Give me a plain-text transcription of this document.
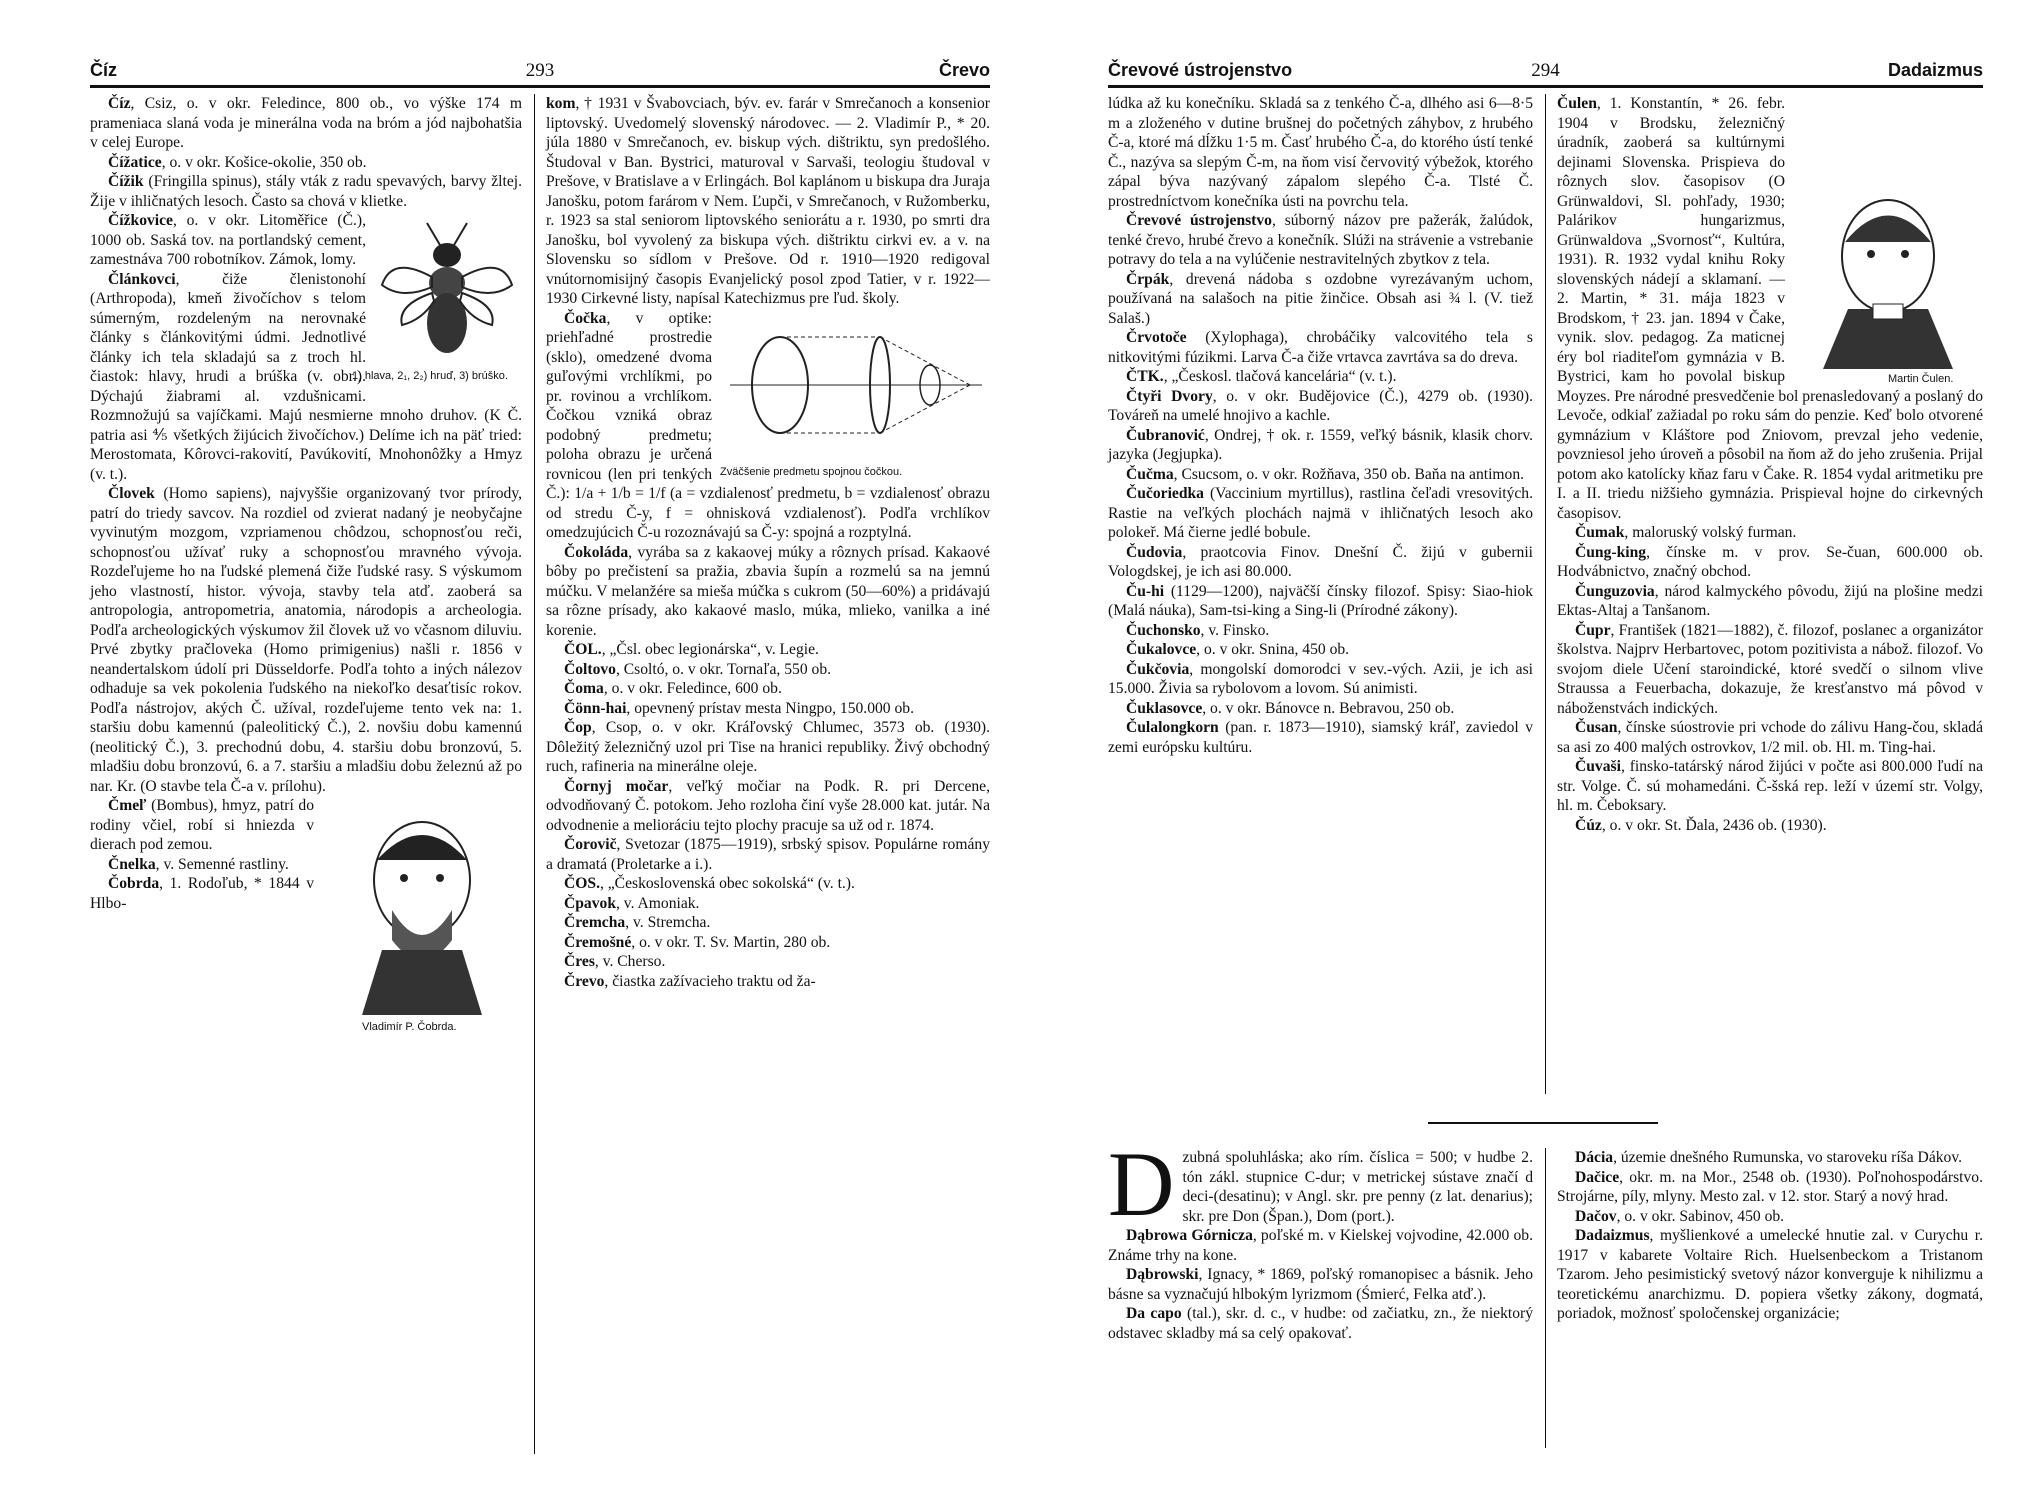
Číz	293	Črevo

Číz, Csiz, o. v okr. Feledince, 800 ob., vo výške 174 m prameniaca slaná voda je minerálna voda na bróm a jód najbohatšia v celej Europe.

Čížatice, o. v okr. Košice-okolie, 350 ob.

Čížik (Fringilla spinus), stály vták z radu spevavých, barvy žltej. Žije v ihličnatých lesoch. Často sa chová v klietke.

1) hlava, 2₁, 2₂) hruď, 3) brúško.

Čížkovice, o. v okr. Litoměřice (Č.), 1000 ob. Saská tov. na portlandský cement, zamestnáva 700 robotníkov. Zámok, lomy.

Článkovci, čiže členistonohí (Arthropoda), kmeň živočíchov s telom súmerným, rozdeleným na nerovnaké články s článkovitými údmi. Jednotlivé články ich tela skladajú sa z troch hl. čiastok: hlavy, hrudi a brúška (v. obr.). Dýchajú žiabrami al. vzdušnicami. Rozmnožujú sa vajíčkami. Majú nesmierne mnoho druhov. (K Č. patria asi ⅘ všetkých žijúcich živočíchov.) Delíme ich na päť tried: Merostomata, Kôrovci-rakovití, Pavúkovití, Mnohonôžky a Hmyz (v. t.).

Človek (Homo sapiens), najvyššie organizovaný tvor prírody, patrí do triedy savcov. Na rozdiel od zvierat nadaný je neobyčajne vyvinutým mozgom, vzpriamenou chôdzou, schopnosťou reči, schopnosťou užívať ruky a schopnosťou mravného vývoja. Rozdeľujeme ho na ľudské plemená čiže ľudské rasy. S výskumom jeho vlastností, histor. vývoja, stavby tela atď. zaoberá sa antropologia, antropometria, anatomia, národopis a archeologia. Podľa archeologických výskumov žil človek už vo včasnom diluviu. Prvé zbytky pračloveka (Homo primigenius) našli r. 1856 v neandertalskom údolí pri Düsseldorfe. Podľa tohto a iných nálezov odhaduje sa vek pokolenia ľudského na niekoľko desaťtisíc rokov. Podľa nástrojov, akých Č. užíval, rozdeľujeme tento vek na: 1. staršiu dobu kamennú (paleolitický Č.), 2. novšiu dobu kamennú (neolitický Č.), 3. prechodnú dobu, 4. staršiu dobu bronzovú, 5. mladšiu dobu bronzovú, 6. a 7. staršiu a mladšiu dobu železnú až po nar. Kr. (O stavbe tela Č-a v. prílohu).

Vladimír P. Čobrda.

Čmeľ (Bombus), hmyz, patrí do rodiny včiel, robí si hniezda v dierach pod zemou.

Čnelka, v. Semenné rastliny.

Čobrda, 1. Rodoľub, * 1844 v Hlbo-

kom, † 1931 v Švabovciach, býv. ev. farár v Smrečanoch a konsenior liptovský. Uvedomelý slovenský národovec. — 2. Vladimír P., * 20. júla 1880 v Smrečanoch, ev. biskup vých. dištriktu, syn predošlého. Študoval v Ban. Bystrici, maturoval v Sarvaši, teologiu študoval v Prešove, v Bratislave a v Erlingách. Bol kaplánom u biskupa dra Juraja Janošku, potom farárom v Nem. Ľupči, v Smrečanoch, v Ružomberku, r. 1923 sa stal seniorom liptovského seniorátu a r. 1930, po smrti dra Janošku, bol vyvolený za biskupa vých. dištriktu cirkvi ev. a v. na Slovensku so sídlom v Prešove. Od r. 1910—1920 redigoval vnútornomisijný časopis Evanjelický posol zpod Tatier, v r. 1922—1930 Cirkevné listy, napísal Katechizmus pre ľud. školy.

Zväčšenie predmetu spojnou čočkou.

Čočka, v optike: priehľadné prostredie (sklo), omedzené dvoma guľovými vrchlíkmi, po pr. rovinou a vrchlíkom. Čočkou vzniká obraz podobný predmetu; poloha obrazu je určená rovnicou (len pri tenkých Č.): 1/a + 1/b = 1/f (a = vzdialenosť predmetu, b = vzdialenosť obrazu od stredu Č-y, f = ohnisková vzdialenosť). Podľa vrchlíkov omedzujúcich Č-u rozoznávajú sa Č-y: spojná a rozptylná.

Čokoláda, vyrába sa z kakaovej múky a rôznych prísad. Kakaové bôby po prečistení sa pražia, zbavia šupín a rozmelú sa na jemnú múčku. V melanžére sa mieša múčka s cukrom (50—60%) a pridávajú sa rôzne prísady, ako kakaové maslo, múka, mlieko, vanilka a iné korenie.

ČOL., „Čsl. obec legionárska“, v. Legie.

Čoltovo, Csoltó, o. v okr. Tornaľa, 550 ob.

Čoma, o. v okr. Feledince, 600 ob.

Čönn-hai, opevnený prístav mesta Ningpo, 150.000 ob.

Čop, Csop, o. v okr. Kráľovský Chlumec, 3573 ob. (1930). Dôležitý železničný uzol pri Tise na hranici republiky. Živý obchodný ruch, rafineria na minerálne oleje.

Čornyj močar, veľký močiar na Podk. R. pri Dercene, odvodňovaný Č. potokom. Jeho rozloha činí vyše 28.000 kat. jutár. Na odvodnenie a melioráciu tejto plochy pracuje sa už od r. 1874.

Čorovič, Svetozar (1875—1919), srbský spisov. Populárne romány a dramatá (Proletarke a i.).

ČOS., „Československá obec sokolská“ (v. t.).

Čpavok, v. Amoniak.

Čremcha, v. Stremcha.

Čremošné, o. v okr. T. Sv. Martin, 280 ob.

Čres, v. Cherso.

Črevo, čiastka zažívacieho traktu od ža-

Črevové ústrojenstvo	294	Dadaizmus

lúdka až ku konečníku. Skladá sa z tenkého Č-a, dlhého asi 6—8·5 m a zloženého v dutine brušnej do početných záhybov, z hrubého Č-a, ktoré má dĺžku 1·5 m. Časť hrubého Č-a, do ktorého ústí tenké Č., nazýva sa slepým Č-m, na ňom visí červovitý výbežok, ktorého zápal býva nazývaný zápalom slepého Č-a. Tlsté Č. prostredníctvom konečníka ústi na povrchu tela.

Črevové ústrojenstvo, súborný názov pre pažerák, žalúdok, tenké črevo, hrubé črevo a konečník. Slúži na strávenie a vstrebanie potravy do tela a na vylúčenie nestravitelných zbytkov z tela.

Črpák, drevená nádoba s ozdobne vyrezávaným uchom, používaná na salašoch na pitie žinčice. Obsah asi ¾ l. (V. tiež Salaš.)

Črvotoče (Xylophaga), chrobáčiky valcovitého tela s nitkovitými fúzikmi. Larva Č-a čiže vrtavca zavrtáva sa do dreva.

ČTK., „Českosl. tlačová kancelária“ (v. t.).

Čtyři Dvory, o. v okr. Budějovice (Č.), 4279 ob. (1930). Továreň na umelé hnojivo a kachle.

Čubranović, Ondrej, † ok. r. 1559, veľký básnik, klasik chorv. jazyka (Jegjupka).

Čučma, Csucsom, o. v okr. Rožňava, 350 ob. Baňa na antimon.

Čučoriedka (Vaccinium myrtillus), rastlina čeľadi vresovitých. Rastie na veľkých plochách najmä v ihličnatých lesoch ako polokeř. Má čierne jedlé bobule.

Čudovia, praotcovia Finov. Dnešní Č. žijú v gubernii Vologdskej, je ich asi 80.000.

Ču-hi (1129—1200), najväčší čínsky filozof. Spisy: Siao-hiok (Malá náuka), Sam-tsi-king a Sing-li (Prírodné zákony).

Čuchonsko, v. Finsko.

Čukalovce, o. v okr. Snina, 450 ob.

Čukčovia, mongolskí domorodci v sev.-vých. Azii, je ich asi 15.000. Živia sa rybolovom a lovom. Sú animisti.

Čuklasovce, o. v okr. Bánovce n. Bebravou, 250 ob.

Čulalongkorn (pan. r. 1873—1910), siamský kráľ, zaviedol v zemi európsku kultúru.

Martin Čulen.

Čulen, 1. Konstantín, * 26. febr. 1904 v Brodsku, železničný úradník, zaoberá sa kultúrnymi dejinami Slovenska. Prispieva do rôznych slov. časopisov (O Grünwaldovi, Sl. pohľady, 1930; Palárikov hungarizmus, Grünwaldova „Svornosť“, Kultúra, 1931). R. 1932 vydal knihu Roky slovenských nádejí a sklamaní. — 2. Martin, * 31. mája 1823 v Brodskom, † 23. jan. 1894 v Čake, vynik. slov. pedagog. Za maticnej éry bol riaditeľom gymnázia v B. Bystrici, kam ho povolal biskup Moyzes. Pre národné presvedčenie bol prenasledovaný a poslaný do Levoče, odkiaľ zažiadal po roku sám do penzie. Keď bolo otvorené gymnázium v Kláštore pod Zniovom, prevzal jeho vedenie, povzniesol jeho úroveň a pôsobil na ňom až do jeho zrušenia. Prijal potom ako katolícky kňaz faru v Čake. R. 1854 vydal aritmetiku pre I. a II. triedu nižšieho gymnázia. Prispieval hojne do cirkevných časopisov.

Čumak, maloruský volský furman.

Čung-king, čínske m. v prov. Se-čuan, 600.000 ob. Hodvábnictvo, značný obchod.

Čunguzovia, národ kalmyckého pôvodu, žijú na plošine medzi Ektas-Altaj a Tanšanom.

Čupr, František (1821—1882), č. filozof, poslanec a organizátor školstva. Najprv Herbartovec, potom pozitivista a nábož. filozof. Vo svojom diele Učení staroindické, ktoré svedčí o silnom vlive Straussa a Feuerbacha, dokazuje, že kresťanstvo má pôvod v náboženstvách indických.

Čusan, čínske súostrovie pri vchode do zálivu Hang-čou, skladá sa asi zo 400 malých ostrovkov, 1/2 mil. ob. Hl. m. Ting-hai.

Čuvaši, finsko-tatárský národ žijúci v počte asi 800.000 ľudí na str. Volge. Č. sú mohamedáni. Č-šská rep. leží v území str. Volgy, hl. m. Čeboksary.

Čúz, o. v okr. St. Ďala, 2436 ob. (1930).

D zubná spoluhláska; ako rím. číslica = 500; v hudbe 2. tón zákl. stupnice C-dur; v metrickej sústave značí d deci-(desatinu); v Angl. skr. pre penny (z lat. denarius); skr. pre Don (Špan.), Dom (port.).

Dąbrowa Górnicza, poľské m. v Kielskej vojvodine, 42.000 ob. Známe trhy na kone.

Dąbrowski, Ignacy, * 1869, poľský romanopisec a básnik. Jeho básne sa vyznačujú hlbokým lyrizmom (Śmierć, Felka atď.).

Da capo (tal.), skr. d. c., v hudbe: od začiatku, zn., že niektorý odstavec skladby má sa celý opakovať.

Dácia, územie dnešného Rumunska, vo staroveku ríša Dákov.

Dačice, okr. m. na Mor., 2548 ob. (1930). Poľnohospodárstvo. Strojárne, píly, mlyny. Mesto zal. v 12. stor. Starý a nový hrad.

Dačov, o. v okr. Sabinov, 450 ob.

Dadaizmus, myšlienkové a umelecké hnutie zal. v Curychu r. 1917 v kabarete Voltaire Rich. Huelsenbeckom a Tristanom Tzarom. Jeho pesimistický svetový názor konverguje k nihilizmu a teoretickému anarchizmu. D. popiera všetky zákony, dogmatá, poriadok, možnosť spoločenskej organizácie;
